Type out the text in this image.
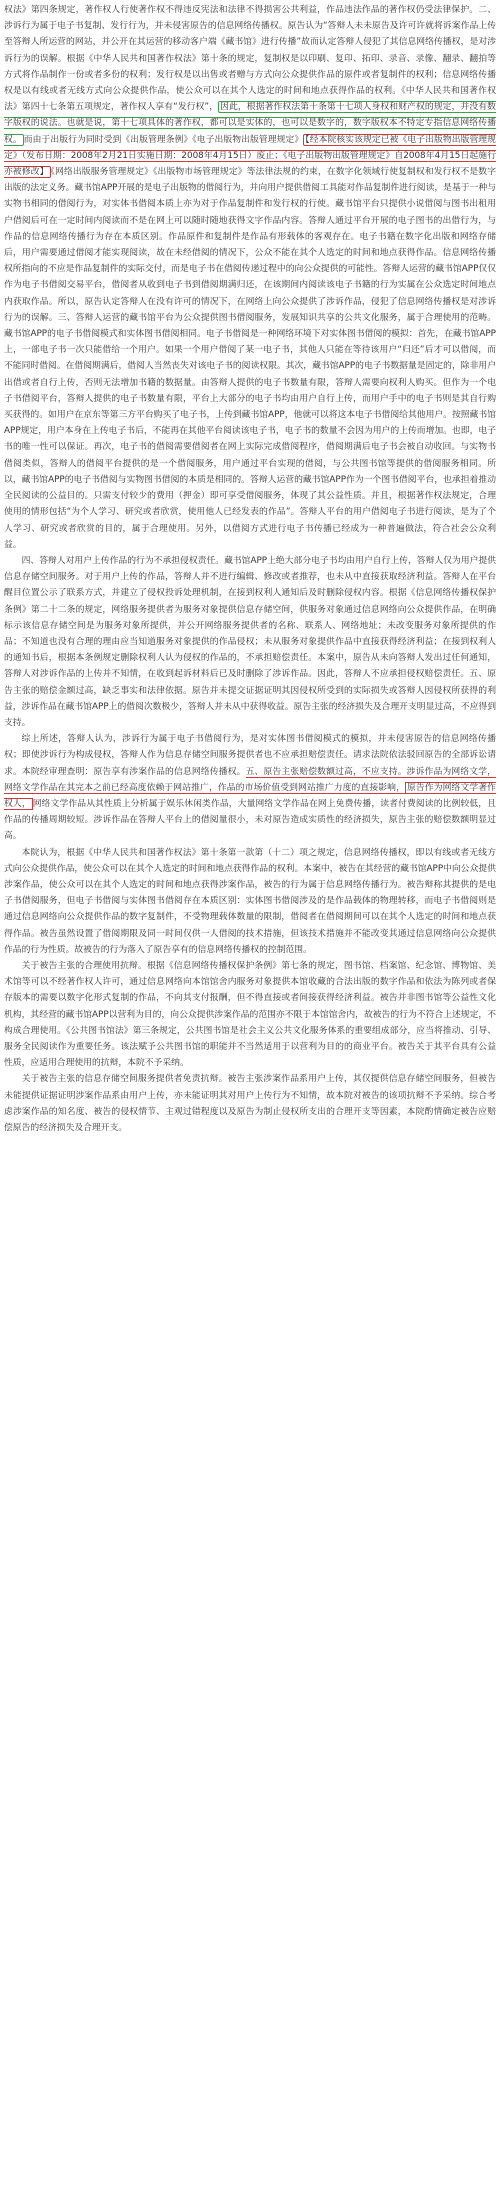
权法》第四条规定，著作权人行使著作权不得违反宪法和法律不得损害公共利益，作品违法作品的著作权仍受法律保护。二、涉诉行为属于电子书复制、发行行为，并未侵害原告的信息网络传播权。原告认为“答辩人未未原告及许可许就将诉案作品上传至答辩人所运营的网站，并公开在其运营的移动客户端《藏书馆》进行传播”故而认定答辩人侵犯了其信息网络传播权，是对涉诉行为的误解。根据《中华人民共和国著作权法》第十条的规定，复制权是以印刷、复印、拓印、录音、录像、翻录、翻拍等方式将作品制作一份或者多份的权利；发行权是以出售或者赠与方式向公众提供作品的原件或者复制件的权利；信息网络传播权是以有线或者无线方式向公众提供作品，使公众可以在其个人选定的时间和地点获得作品的权利。《中华人民共和国著作权法》第四十七条第五项规定，著作权人享有“发行权”， 因此，根据著作权法第十条第十七项人身权和财产权的规定，并没有数字版权的说法。也就是说，第十七项具体的著作权，都可以是实体的，也可以是数字的，数字版权本不特定专指信息网络传播权。 而由于出版行为同时受到《出版管理条例》《电子出版物出版管理规定》 【经本院核实该规定已被《电子出版物出版管理规定》（发布日期：2008年2月21日实施日期：2008年4月15日）废止；《电子出版物出版管理规定》自2008年4月15日起施行亦被修改】 《网络出版服务管理规定》《出版物市场管理规定》等法律法规的约束，在数字化领域行使复制权和发行权不是数字出版的法定义务。藏书馆APP开展的是电子出版物的借阅行为，并向用户提供借阅工具能对作品复制件进行阅读，是基于一种与实物书相同的借阅行为，对实体书借阅本质上亦为对于作品复制件和发行权的行使。藏书馆平台只提供小说借阅与图书出租用户借阅后可在一定时间内阅读而不是在网上可以随时随地获得文字作品内容。答辩人通过平台开展的电子图书的出借行为，与作品的信息网络传播行为存在本质区别。作品原件和复制件是作品有形载体的客观存在。电子书籍在数字化出版和网络存储后，用户需要通过借阅才能实现阅读，故在未经借阅的情况下，公众不能在其个人选定的时间和地点获得作品。信息网络传播权所指向的不应是作品复制件的实际交付，而是电子书在借阅传递过程中的向公众提供的可能性。答辩人运营的藏书馆APP仅仅作为电子书借阅交易平台，借阅者从收到电子书到借阅期满归还，在该期间内阅读该电子书籍的行为实属在公众选定时间地点内获取作品。所以，原告认定答辩人在没有许可的情况下，在网络上向公众提供了涉诉作品，侵犯了信息网络传播权是对涉诉行为的误解。三、答辩人运营的藏书馆平台为公众提供图书借阅服务，发展知识共享的公共文化服务，属于合理使用的范畴。藏书馆APP的电子书借阅模式和实体图书借阅相同。电子书借阅是一种网络环境下对实体图书借阅的模拟：首先，在藏书馆APP上，一部电子书一次只能借给一个用户。如果一个用户借阅了某一电子书，其他人只能在等待该用户“归还”后才可以借阅，而不能同时借阅。在借阅期满后，借阅人当然丧失对该电子书的阅读权限。其次，藏书馆APP的电子书数据量是固定的，除非用户出借或者自行上传，否则无法增加书籍的数据量。由答辩人提供的电子书数量有限，答辩人需要向权利人购买。但作为一个电子书借阅平台，答辩人提供的电子书数量有限，平台上大部分的电子书均由用户自行上传，而用户手中的电子书则是其自行购买获得的。如用户在京东等第三方平台购买了电子书，上传到藏书馆APP，他就可以将这本电子书借阅给其他用户。按照藏书馆APP规定，用户本身在上传电子书后，不能再在其他平台阅读该电子书，电子书的数量不会因为用户的上传而增加。也即，电子书的唯一性可以保证。再次，电子书的借阅需要借阅者在网上实际完成借阅程序，借阅期满后电子书会被自动收回。与实物书借阅类似，答辩人的借阅平台提供的是一个借阅服务，用户通过平台实现的借阅，与公共图书馆等提供的借阅服务相同。所以，藏书馆APP的电子书借阅与实物图书借阅的本质是相同的。答辩人运营的藏书馆APP作为一个图书借阅平台，也承担着推动全民阅读的公益目的。只需支付较少的费用（押金）即可享受借阅服务，体现了其公益性质。并且，根据著作权法规定，合理使用的情形包括“为个人学习、研究或者欣赏，使用他人已经发表的作品”。答辩人平台的用户借阅电子书进行阅读，是为了个人学习、研究或者欣赏的目的，属于合理使用。另外，以借阅方式进行电子书传播已经成为一种普遍做法，符合社会公众利益。

四、答辩人对用户上传作品的行为不承担侵权责任。藏书馆APP上绝大部分电子书均由用户自行上传，答辩人仅为用户提供信息存储空间服务。对于用户上传的作品，答辩人并不进行编辑、修改或者推荐，也未从中直接获取经济利益。答辩人在平台醒目位置公示了联系方式，并建立了侵权投诉处理机制，在接到权利人通知后及时删除侵权内容。根据《信息网络传播权保护条例》第二十二条的规定，网络服务提供者为服务对象提供信息存储空间，供服务对象通过信息网络向公众提供作品，在明确标示该信息存储空间是为服务对象所提供，并公开网络服务提供者的名称、联系人、网络地址；未改变服务对象所提供的作品；不知道也没有合理的理由应当知道服务对象提供的作品侵权；未从服务对象提供作品中直接获得经济利益；在接到权利人的通知书后，根据本条例规定删除权利人认为侵权的作品的，不承担赔偿责任。本案中，原告从未向答辩人发出过任何通知，答辩人对涉诉作品的上传并不知情，在收到起诉材料后已及时删除了涉诉作品。因此，答辩人不应承担侵权赔偿责任。五、原告主张的赔偿金额过高，缺乏事实和法律依据。原告并未提交证据证明其因侵权所受到的实际损失或答辩人因侵权所获得的利益，涉诉作品在藏书馆APP上的借阅次数极少，答辩人并未从中获得收益。原告主张的经济损失及合理开支明显过高，不应得到支持。

综上所述，答辩人认为，涉诉行为属于电子书借阅行为，是对实体图书借阅模式的模拟，并未侵害原告的信息网络传播权；即使涉诉行为构成侵权，答辩人作为信息存储空间服务提供者也不应承担赔偿责任。请求法院依法驳回原告的全部诉讼请求。本院经审理查明：原告享有涉案作品的信息网络传播权。五、原告主张赔偿数额过高，不应支持。涉诉作品为网络文学，网络文学作品在其完本之前已经高度依赖于网站推广，作品的市场价值受到网站推广力度的直接影响， 原告作为网络文学著作权人， 网络文学作品从其性质上分析属于娱乐休闲类作品，大量网络文学作品在网上免费传播，读者付费阅读的比例较低，且作品的传播周期较短。涉诉作品在答辩人平台上的借阅量很小，未对原告造成实质性的经济损失，原告主张的赔偿数额明显过高。

本院认为，根据《中华人民共和国著作权法》第十条第一款第（十二）项之规定，信息网络传播权，即以有线或者无线方式向公众提供作品，使公众可以在其个人选定的时间和地点获得作品的权利。本案中，被告在其经营的藏书馆APP中向公众提供涉案作品，使公众可以在其个人选定的时间和地点获得涉案作品，被告的行为属于信息网络传播行为。被告辩称其提供的是电子书借阅服务，但电子书借阅与实体图书借阅存在本质区别：实体图书借阅涉及的是作品载体的物理转移，而电子书借阅则是通过信息网络向公众提供作品的数字复制件，不受物理载体数量的限制，借阅者在借阅期间可以在其个人选定的时间和地点获得作品。被告虽然设置了借阅期限及同一时间仅供一人借阅的技术措施，但该技术措施并不能改变其通过信息网络向公众提供作品的行为性质。故被告的行为落入了原告享有的信息网络传播权的控制范围。

关于被告主张的合理使用抗辩。根据《信息网络传播权保护条例》第七条的规定，图书馆、档案馆、纪念馆、博物馆、美术馆等可以不经著作权人许可，通过信息网络向本馆馆舍内服务对象提供本馆收藏的合法出版的数字作品和依法为陈列或者保存版本的需要以数字化形式复制的作品，不向其支付报酬，但不得直接或者间接获得经济利益。被告并非图书馆等公益性文化机构，其经营的藏书馆APP以营利为目的，向公众提供涉案作品的范围亦不限于本馆馆舍内，故被告的行为不符合上述规定，不构成合理使用。《公共图书馆法》第三条规定，公共图书馆是社会主义公共文化服务体系的重要组成部分，应当将推动、引导、服务全民阅读作为重要任务。该法赋予公共图书馆的职能并不当然适用于以营利为目的的商业平台。被告关于其平台具有公益性质，应适用合理使用的抗辩，本院不予采纳。

关于被告主张的信息存储空间服务提供者免责抗辩。被告主张涉案作品系用户上传，其仅提供信息存储空间服务，但被告未能提供证据证明涉案作品系由用户上传，亦未能证明其对用户上传行为不知情，故本院对被告的该项抗辩不予采纳。综合考虑涉案作品的知名度、被告的侵权情节、主观过错程度以及原告为制止侵权所支出的合理开支等因素，本院酌情确定被告应赔偿原告的经济损失及合理开支。
